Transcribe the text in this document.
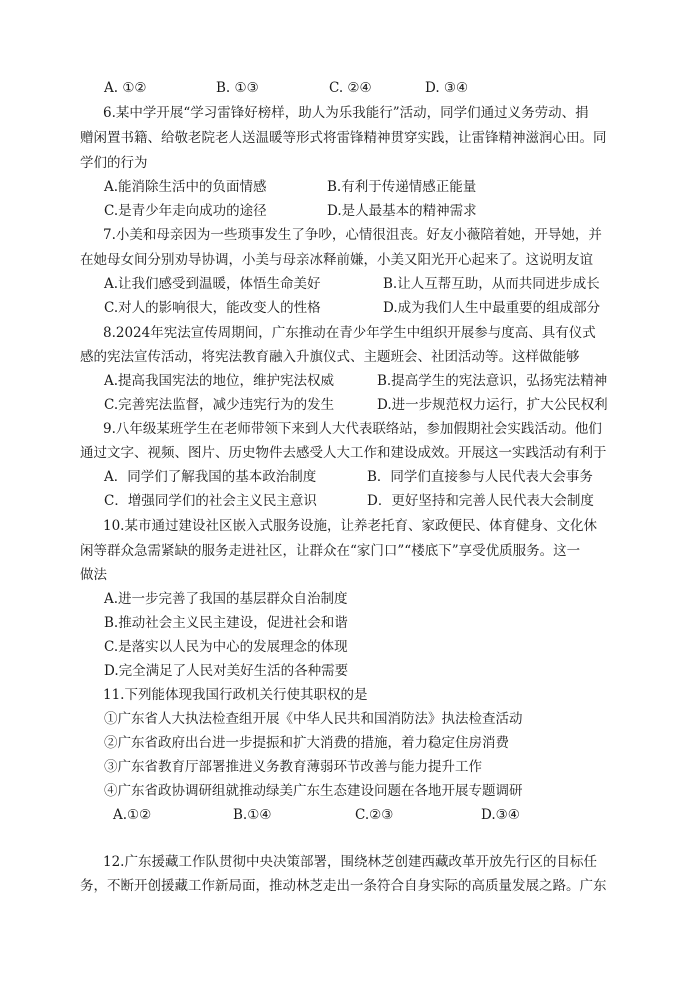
A. ①②	B. ①③	C. ②④	D. ③④
6.某中学开展“学习雷锋好榜样，助人为乐我能行”活动，同学们通过义务劳动、捐
赠闲置书籍、给敬老院老人送温暖等形式将雷锋精神贯穿实践，让雷锋精神滋润心田。同
学们的行为
A.能消除生活中的负面情感	B.有利于传递情感正能量
C.是青少年走向成功的途径	D.是人最基本的精神需求
7.小美和母亲因为一些琐事发生了争吵，心情很沮丧。好友小薇陪着她，开导她，并
在她母女间分别劝导协调，小美与母亲冰释前嫌，小美又阳光开心起来了。这说明友谊
A.让我们感受到温暖，体悟生命美好	B.让人互帮互助，从而共同进步成长
C.对人的影响很大，能改变人的性格	D.成为我们人生中最重要的组成部分
8.2024年宪法宣传周期间，广东推动在青少年学生中组织开展参与度高、具有仪式
感的宪法宣传活动，将宪法教育融入升旗仪式、主题班会、社团活动等。这样做能够
A.提高我国宪法的地位，维护宪法权威	B.提高学生的宪法意识，弘扬宪法精神
C.完善宪法监督，减少违宪行为的发生	D.进一步规范权力运行，扩大公民权利
9.八年级某班学生在老师带领下来到人大代表联络站，参加假期社会实践活动。他们
通过文字、视频、图片、历史物件去感受人大工作和建设成效。开展这一实践活动有利于
A．同学们了解我国的基本政治制度	B．同学们直接参与人民代表大会事务
C．增强同学们的社会主义民主意识	D．更好坚持和完善人民代表大会制度
10.某市通过建设社区嵌入式服务设施，让养老托育、家政便民、体育健身、文化休
闲等群众急需紧缺的服务走进社区，让群众在“家门口”“楼底下”享受优质服务。这一
做法
A.进一步完善了我国的基层群众自治制度
B.推动社会主义民主建设，促进社会和谐
C.是落实以人民为中心的发展理念的体现
D.完全满足了人民对美好生活的各种需要
11.下列能体现我国行政机关行使其职权的是
①广东省人大执法检查组开展《中华人民共和国消防法》执法检查活动
②广东省政府出台进一步提振和扩大消费的措施，着力稳定住房消费
③广东省教育厅部署推进义务教育薄弱环节改善与能力提升工作
④广东省政协调研组就推动绿美广东生态建设问题在各地开展专题调研
A.①②	B.①④	C.②③	D.③④
12.广东援藏工作队贯彻中央决策部署，围绕林芝创建西藏改革开放先行区的目标任
务，不断开创援藏工作新局面，推动林芝走出一条符合自身实际的高质量发展之路。广东
